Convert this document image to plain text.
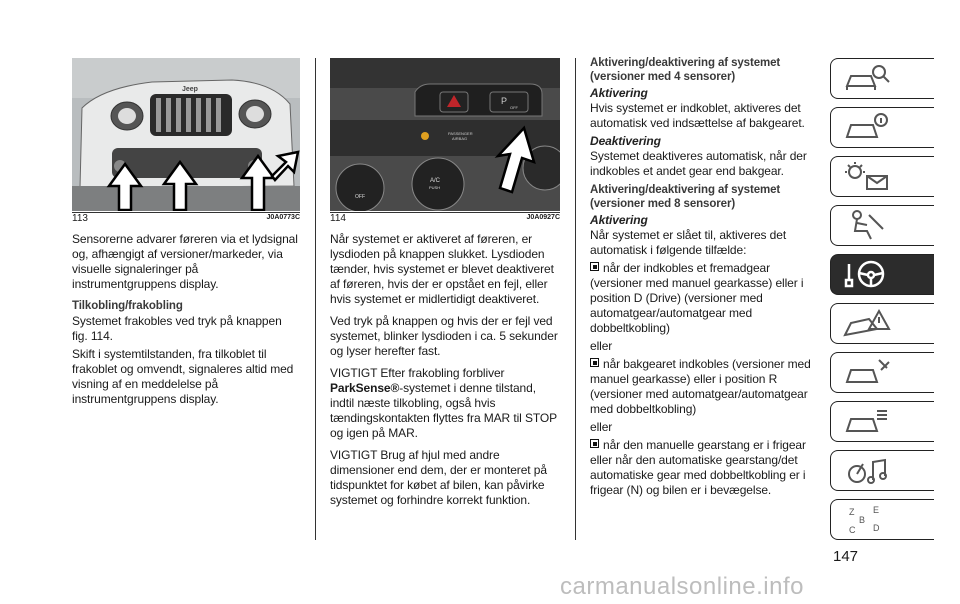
Jeep
113	J0A0773C
P
OFF
PASSENGER
AIRBAG
A/C
PUSH
OFF
114	J0A0927C

Sensorerne advarer føreren via et lydsignal og, afhængigt af versioner/markeder, via visuelle signaleringer på instrumentgruppens display.

Tilkobling/frakobling

Systemet frakobles ved tryk på knappen fig. 114.

Skift i systemtilstanden, fra tilkoblet til frakoblet og omvendt, signaleres altid med visning af en meddelelse på instrumentgruppens display.

Når systemet er aktiveret af føreren, er lysdioden på knappen slukket. Lysdioden tænder, hvis systemet er blevet deaktiveret af føreren, hvis der er opstået en fejl, eller hvis systemet er midlertidigt deaktiveret.

Ved tryk på knappen og hvis der er fejl ved systemet, blinker lysdioden i ca. 5 sekunder og lyser herefter fast.

VIGTIGT Efter frakobling forbliver ParkSense®-systemet i denne tilstand, indtil næste tilkobling, også hvis tændingskontakten flyttes fra MAR til STOP og igen på MAR.

VIGTIGT Brug af hjul med andre dimensioner end dem, der er monteret på tidspunktet for købet af bilen, kan påvirke systemet og forhindre korrekt funktion.

Aktivering/deaktivering af systemet (versioner med 4 sensorer)
Aktivering

Hvis systemet er indkoblet, aktiveres det automatisk ved indsættelse af bakgearet.

Deaktivering

Systemet deaktiveres automatisk, når der indkobles et andet gear end bakgear.

Aktivering/deaktivering af systemet (versioner med 8 sensorer)
Aktivering

Når systemet er slået til, aktiveres det automatisk i følgende tilfælde:

når der indkobles et fremadgear (versioner med manuel gearkasse) eller i position D (Drive) (versioner med automatgear/automatgear med dobbeltkobling)

eller

når bakgearet indkobles (versioner med manuel gearkasse) eller i position R (versioner med automatgear/automatgear med dobbeltkobling)

eller

når den manuelle gearstang er i frigear eller når den automatiske gearstang/det automatiske gear med dobbeltkobling er i frigear (N) og bilen er i bevægelse.

Z E
B
C D
147
carmanualsonline.info
